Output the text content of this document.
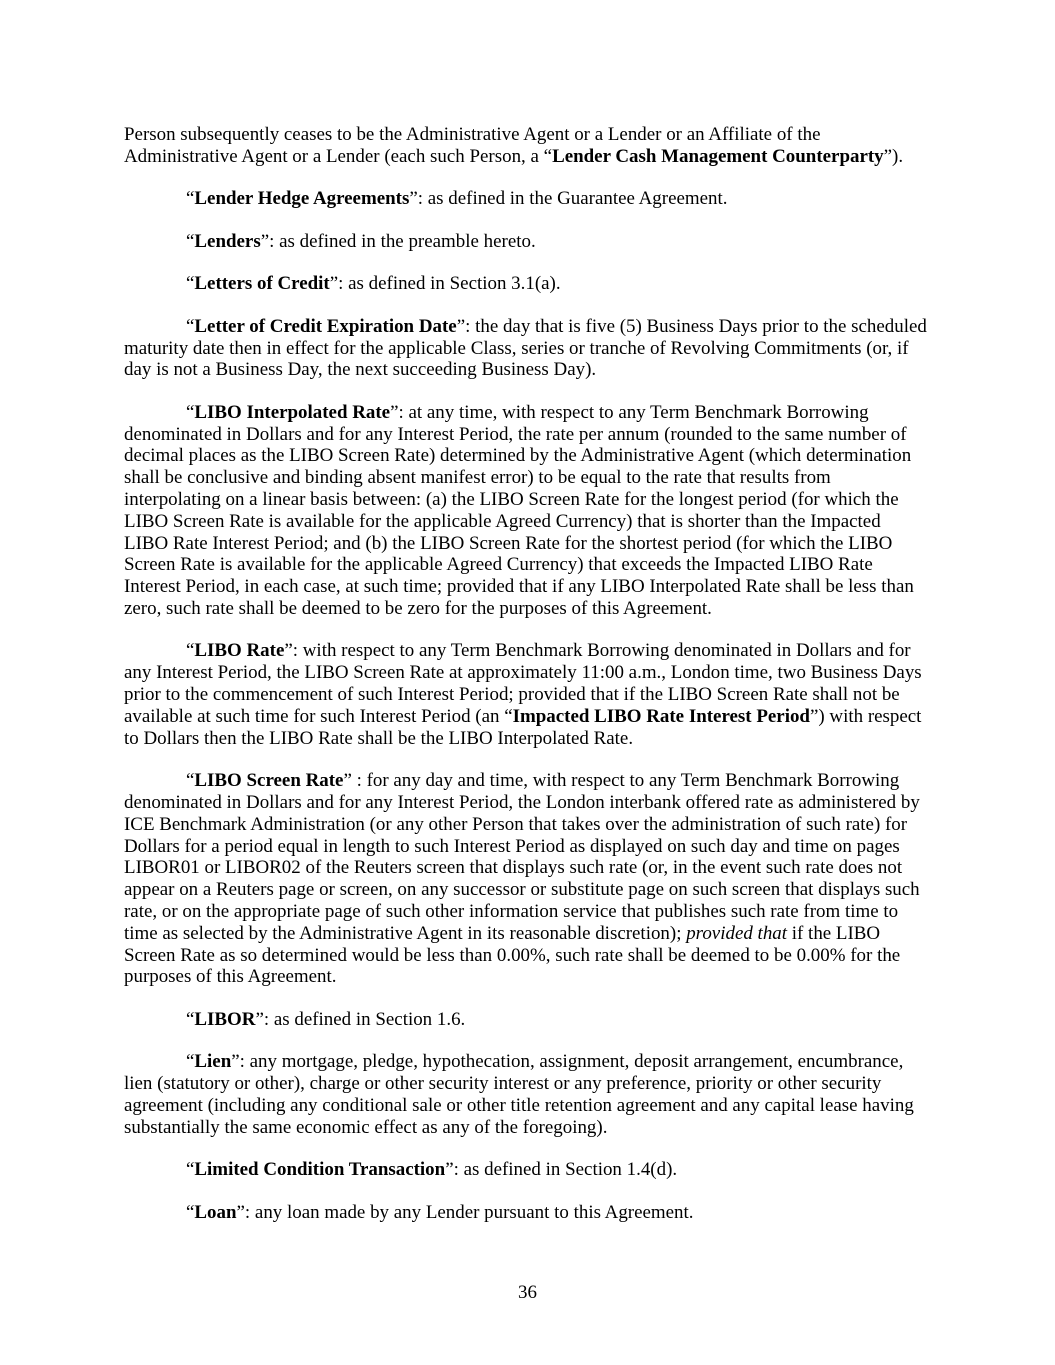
Person subsequently ceases to be the Administrative Agent or a Lender or an Affiliate of the
Administrative Agent or a Lender (each such Person, a “Lender Cash Management Counterparty”).
“Lender Hedge Agreements”: as defined in the Guarantee Agreement.
“Lenders”: as defined in the preamble hereto.
“Letters of Credit”: as defined in Section 3.1(a).
“Letter of Credit Expiration Date”: the day that is five (5) Business Days prior to the scheduled
maturity date then in effect for the applicable Class, series or tranche of Revolving Commitments (or, if
day is not a Business Day, the next succeeding Business Day).
“LIBO Interpolated Rate”: at any time, with respect to any Term Benchmark Borrowing
denominated in Dollars and for any Interest Period, the rate per annum (rounded to the same number of
decimal places as the LIBO Screen Rate) determined by the Administrative Agent (which determination
shall be conclusive and binding absent manifest error) to be equal to the rate that results from
interpolating on a linear basis between: (a) the LIBO Screen Rate for the longest period (for which the
LIBO Screen Rate is available for the applicable Agreed Currency) that is shorter than the Impacted
LIBO Rate Interest Period; and (b) the LIBO Screen Rate for the shortest period (for which the LIBO
Screen Rate is available for the applicable Agreed Currency) that exceeds the Impacted LIBO Rate
Interest Period, in each case, at such time; provided that if any LIBO Interpolated Rate shall be less than
zero, such rate shall be deemed to be zero for the purposes of this Agreement.
“LIBO Rate”: with respect to any Term Benchmark Borrowing denominated in Dollars and for
any Interest Period, the LIBO Screen Rate at approximately 11:00 a.m., London time, two Business Days
prior to the commencement of such Interest Period; provided that if the LIBO Screen Rate shall not be
available at such time for such Interest Period (an “Impacted LIBO Rate Interest Period”) with respect
to Dollars then the LIBO Rate shall be the LIBO Interpolated Rate.
“LIBO Screen Rate” : for any day and time, with respect to any Term Benchmark Borrowing
denominated in Dollars and for any Interest Period, the London interbank offered rate as administered by
ICE Benchmark Administration (or any other Person that takes over the administration of such rate) for
Dollars for a period equal in length to such Interest Period as displayed on such day and time on pages
LIBOR01 or LIBOR02 of the Reuters screen that displays such rate (or, in the event such rate does not
appear on a Reuters page or screen, on any successor or substitute page on such screen that displays such
rate, or on the appropriate page of such other information service that publishes such rate from time to
time as selected by the Administrative Agent in its reasonable discretion); provided that if the LIBO
Screen Rate as so determined would be less than 0.00%, such rate shall be deemed to be 0.00% for the
purposes of this Agreement.
“LIBOR”: as defined in Section 1.6.
“Lien”: any mortgage, pledge, hypothecation, assignment, deposit arrangement, encumbrance,
lien (statutory or other), charge or other security interest or any preference, priority or other security
agreement (including any conditional sale or other title retention agreement and any capital lease having
substantially the same economic effect as any of the foregoing).
“Limited Condition Transaction”: as defined in Section 1.4(d).
“Loan”: any loan made by any Lender pursuant to this Agreement.
36
